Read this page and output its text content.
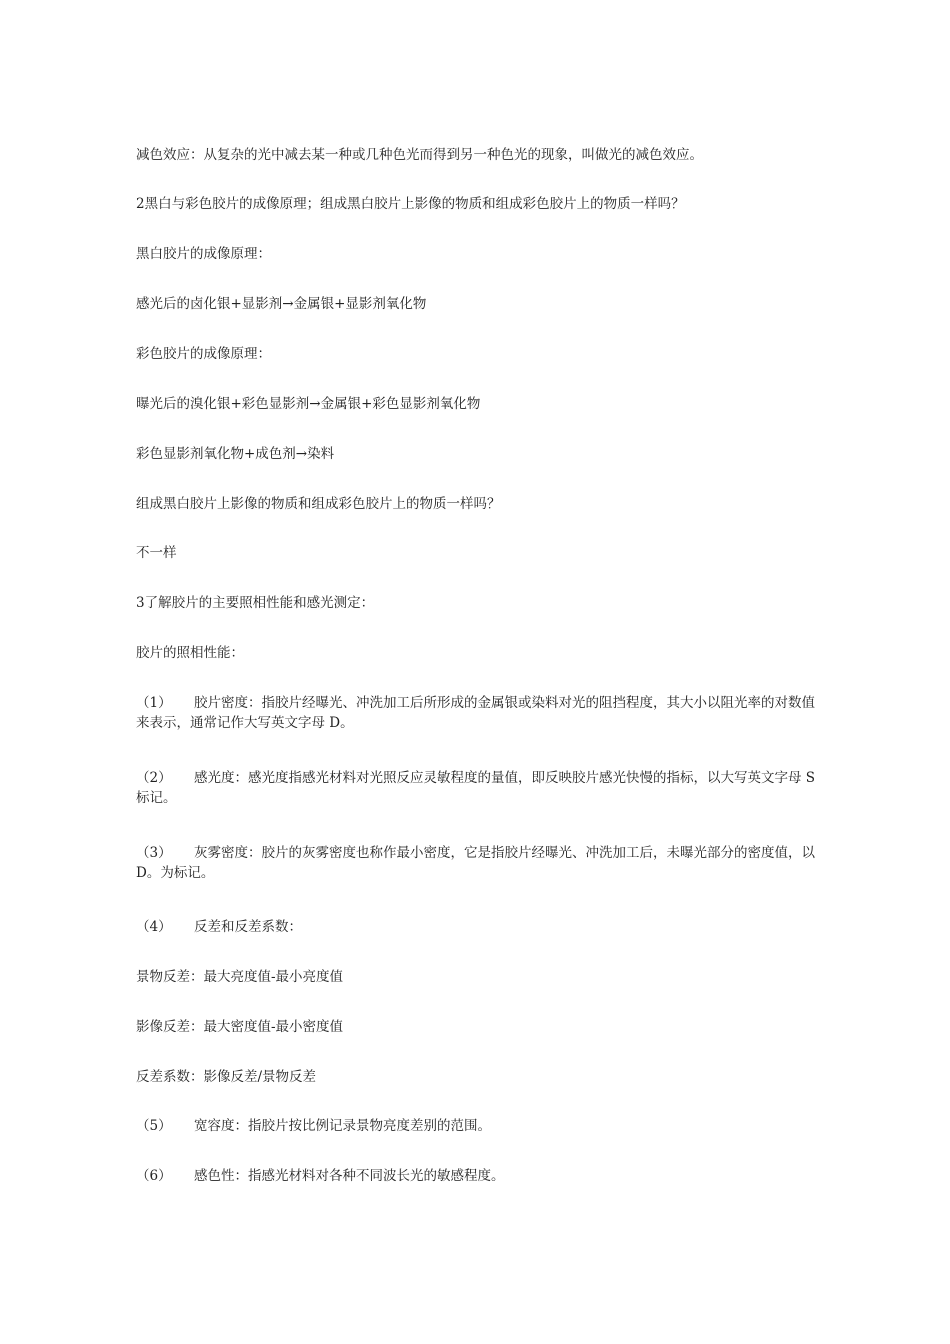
减色效应：从复杂的光中减去某一种或几种色光而得到另一种色光的现象，叫做光的减色效应。
2黑白与彩色胶片的成像原理；组成黑白胶片上影像的物质和组成彩色胶片上的物质一样吗？
黑白胶片的成像原理：
感光后的卤化银+显影剂→金属银+显影剂氧化物
彩色胶片的成像原理：
曝光后的溴化银+彩色显影剂→金属银+彩色显影剂氧化物
彩色显影剂氧化物+成色剂→染料
组成黑白胶片上影像的物质和组成彩色胶片上的物质一样吗？
不一样
3了解胶片的主要照相性能和感光测定：
胶片的照相性能：
（1） 胶片密度：指胶片经曝光、冲洗加工后所形成的金属银或染料对光的阻挡程度，其大小以阻光率的对数值来表示，通常记作大写英文字母 D。
（2） 感光度：感光度指感光材料对光照反应灵敏程度的量值，即反映胶片感光快慢的指标，以大写英文字母 S 标记。
（3） 灰雾密度：胶片的灰雾密度也称作最小密度，它是指胶片经曝光、冲洗加工后，未曝光部分的密度值，以 D。为标记。
（4） 反差和反差系数：
景物反差：最大亮度值-最小亮度值
影像反差：最大密度值-最小密度值
反差系数：影像反差/景物反差
（5） 宽容度：指胶片按比例记录景物亮度差别的范围。
（6） 感色性：指感光材料对各种不同波长光的敏感程度。
